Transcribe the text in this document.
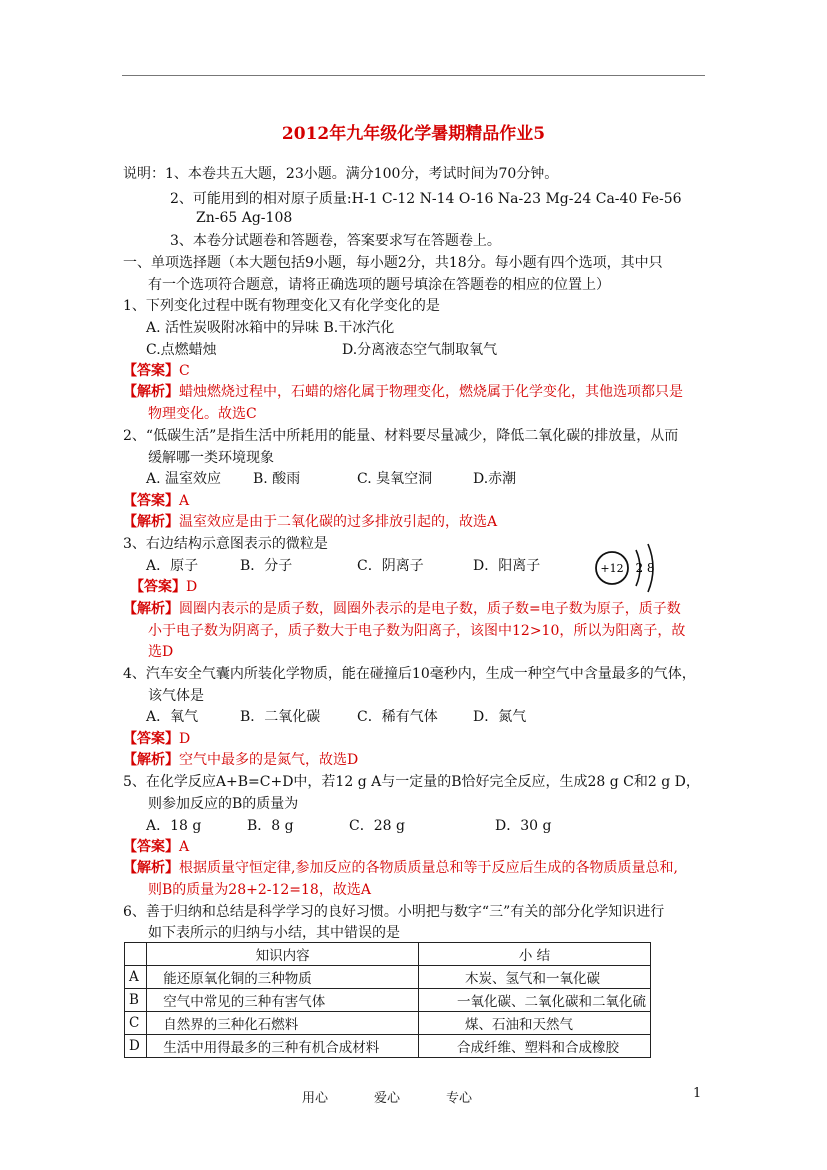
2012年九年级化学暑期精品作业5
说明：1、本卷共五大题，23小题。满分100分，考试时间为70分钟。
2、可能用到的相对原子质量:H-1 C-12 N-14 O-16 Na-23 Mg-24 Ca-40 Fe-56
Zn-65 Ag-108
3、本卷分试题卷和答题卷，答案要求写在答题卷上。
一、单项选择题（本大题包括9小题，每小题2分，共18分。每小题有四个选项，其中只
有一个选项符合题意，请将正确选项的题号填涂在答题卷的相应的位置上）
1、下列变化过程中既有物理变化又有化学变化的是
A. 活性炭吸附冰箱中的异味 B.干冰汽化
C.点燃蜡烛	D.分离液态空气制取氧气
【答案】C
【解析】蜡烛燃烧过程中，石蜡的熔化属于物理变化，燃烧属于化学变化，其他选项都只是
物理变化。故选C
2、“低碳生活”是指生活中所耗用的能量、材料要尽量减少，降低二氧化碳的排放量，从而
缓解哪一类环境现象
A. 温室效应 B. 酸雨	C. 臭氧空洞	D.赤潮
【答案】A
【解析】温室效应是由于二氧化碳的过多排放引起的，故选A
3、右边结构示意图表示的微粒是
A．原子	B．分子	C．阴离子	D．阳离子	+12 2 8
【答案】D
【解析】圆圈内表示的是质子数，圆圈外表示的是电子数，质子数=电子数为原子，质子数
小于电子数为阴离子，质子数大于电子数为阳离子，该图中12>10，所以为阳离子，故
选D
4、汽车安全气囊内所装化学物质，能在碰撞后10毫秒内，生成一种空气中含量最多的气体，
该气体是
A．氧气	B．二氧化碳	C．稀有气体	D．氮气
【答案】D
【解析】空气中最多的是氮气，故选D
5、在化学反应A+B=C+D中，若12 g A与一定量的B恰好完全反应，生成28 g C和2 g D，
则参加反应的B的质量为
A．18 g	B．8 g	C．28 g	D．30 g
【答案】A
【解析】根据质量守恒定律,参加反应的各物质质量总和等于反应后生成的各物质质量总和,
则B的质量为28+2-12=18，故选A
6、善于归纳和总结是科学学习的良好习惯。小明把与数字“三”有关的部分化学知识进行
如下表所示的归纳与小结，其中错误的是
	知识内容	小 结
A	能还原氧化铜的三种物质	木炭、氢气和一氧化碳
B	空气中常见的三种有害气体	一氧化碳、二氧化碳和二氧化硫
C	自然界的三种化石燃料	煤、石油和天然气
D	生活中用得最多的三种有机合成材料	合成纤维、塑料和合成橡胶
用心	爱心	专心	1
